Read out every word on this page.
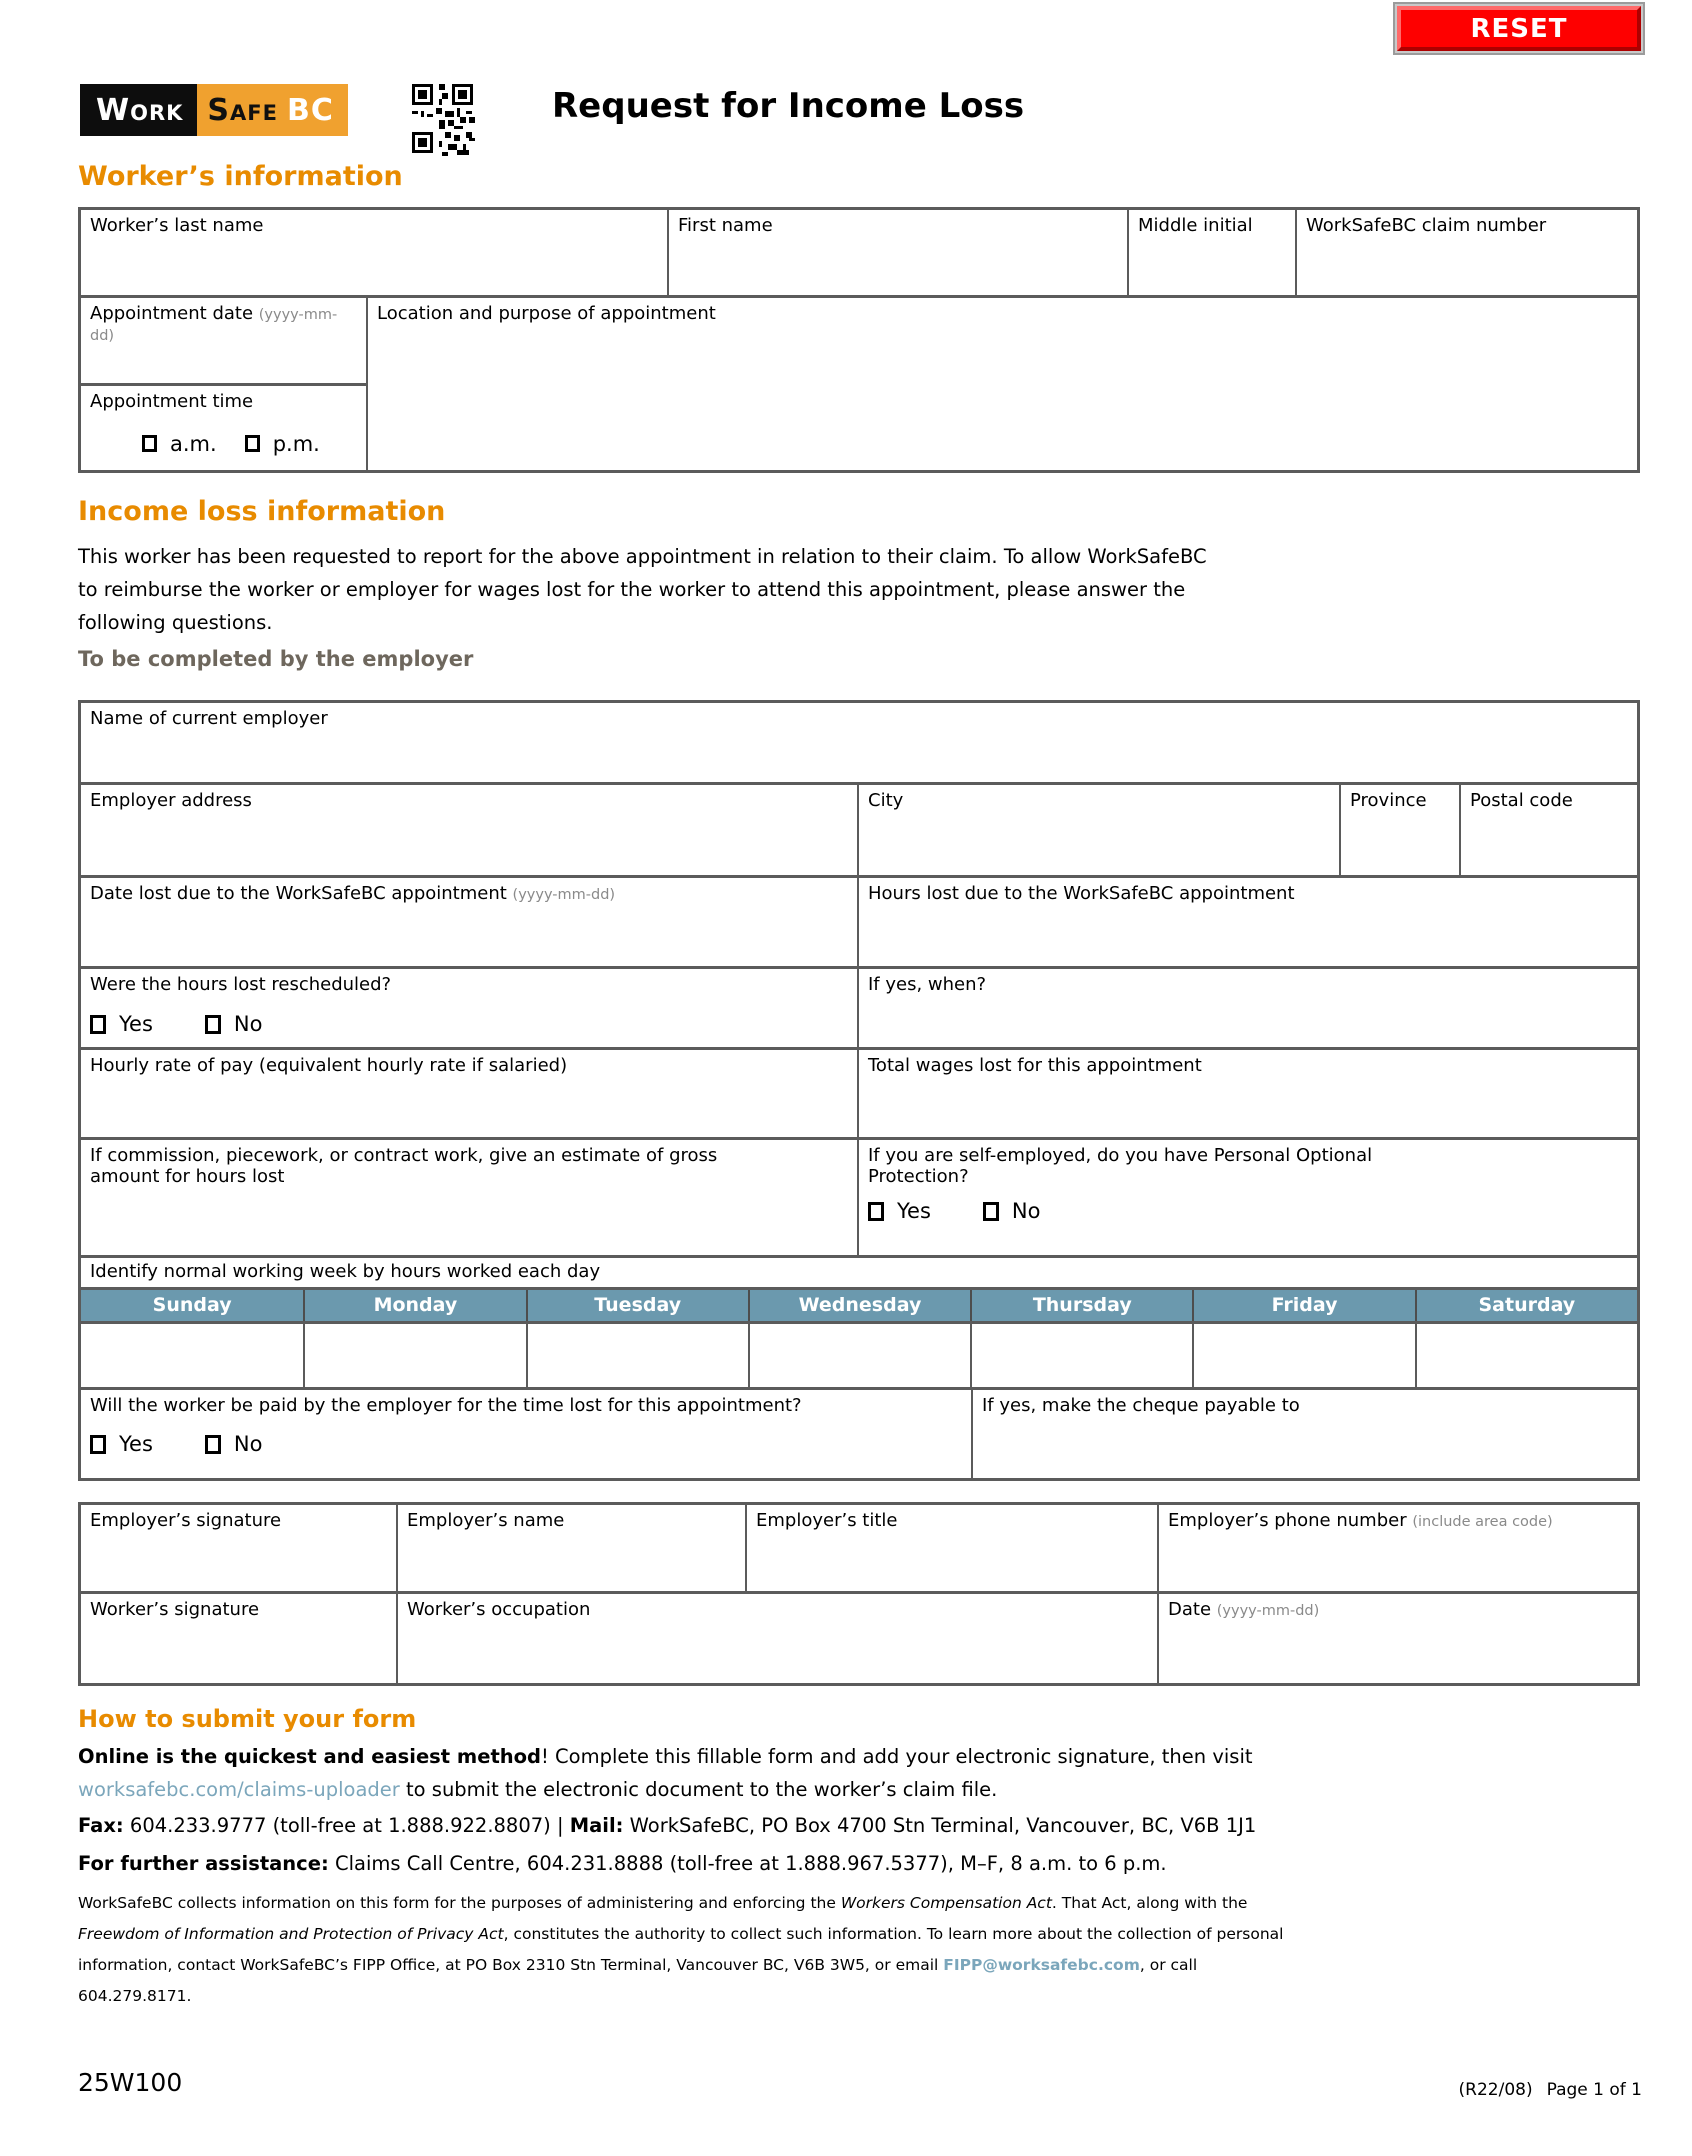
RESET
Work Safe BC	Request for Income Loss
Worker’s information
Worker’s last name	First name	Middle initial	WorkSafeBC claim number
Appointment date (yyyy-mm-dd)
Appointment time
a.m.	p.m.
Location and purpose of appointment
Income loss information
This worker has been requested to report for the above appointment in relation to their claim. To allow WorkSafeBC
to reimburse the worker or employer for wages lost for the worker to attend this appointment, please answer the
following questions.
To be completed by the employer
Name of current employer
Employer address	City	Province	Postal code
Date lost due to the WorkSafeBC appointment (yyyy-mm-dd)	Hours lost due to the WorkSafeBC appointment
Were the hours lost rescheduled?
Yes	No
If yes, when?
Hourly rate of pay (equivalent hourly rate if salaried)	Total wages lost for this appointment
If commission, piecework, or contract work, give an estimate of gross amount for hours lost
If you are self-employed, do you have Personal Optional Protection?
Yes	No
Identify normal working week by hours worked each day
Sunday	Monday	Tuesday	Wednesday	Thursday	Friday	Saturday
Will the worker be paid by the employer for the time lost for this appointment?
Yes	No
If yes, make the cheque payable to
Employer’s signature	Employer’s name	Employer’s title	Employer’s phone number (include area code)
Worker’s signature	Worker’s occupation	Date (yyyy-mm-dd)
How to submit your form
Online is the quickest and easiest method! Complete this fillable form and add your electronic signature, then visit
worksafebc.com/claims-uploader to submit the electronic document to the worker’s claim file.
Fax: 604.233.9777 (toll-free at 1.888.922.8807) | Mail: WorkSafeBC, PO Box 4700 Stn Terminal, Vancouver, BC, V6B 1J1
For further assistance: Claims Call Centre, 604.231.8888 (toll-free at 1.888.967.5377), M–F, 8 a.m. to 6 p.m.
WorkSafeBC collects information on this form for the purposes of administering and enforcing the Workers Compensation Act. That Act, along with the
Freewdom of Information and Protection of Privacy Act, constitutes the authority to collect such information. To learn more about the collection of personal
information, contact WorkSafeBC’s FIPP Office, at PO Box 2310 Stn Terminal, Vancouver BC, V6B 3W5, or email FIPP@worksafebc.com, or call
604.279.8171.
25W100	(R22/08) Page 1 of 1
